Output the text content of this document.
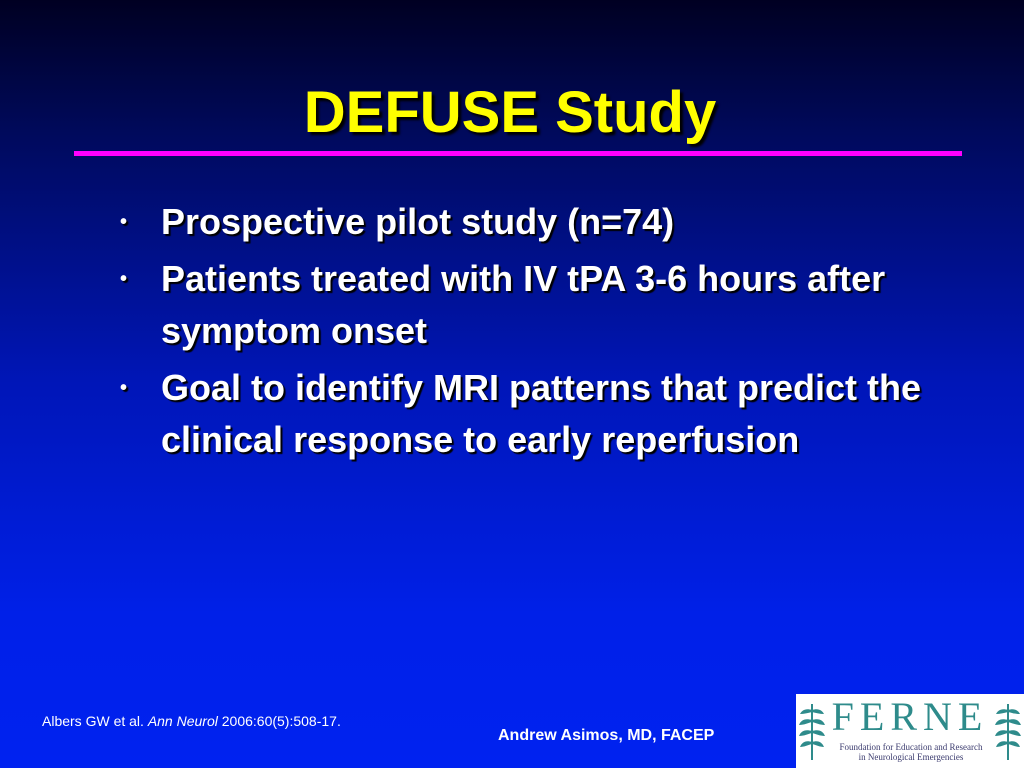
DEFUSE Study
• Prospective pilot study (n=74)
• Patients treated with IV tPA 3-6 hours after symptom onset
• Goal to identify MRI patterns that predict the clinical response to early reperfusion
Albers GW et al. Ann Neurol 2006:60(5):508-17.
Andrew Asimos, MD, FACEP	FERNE
Foundation for Education and Research
in Neurological Emergencies
